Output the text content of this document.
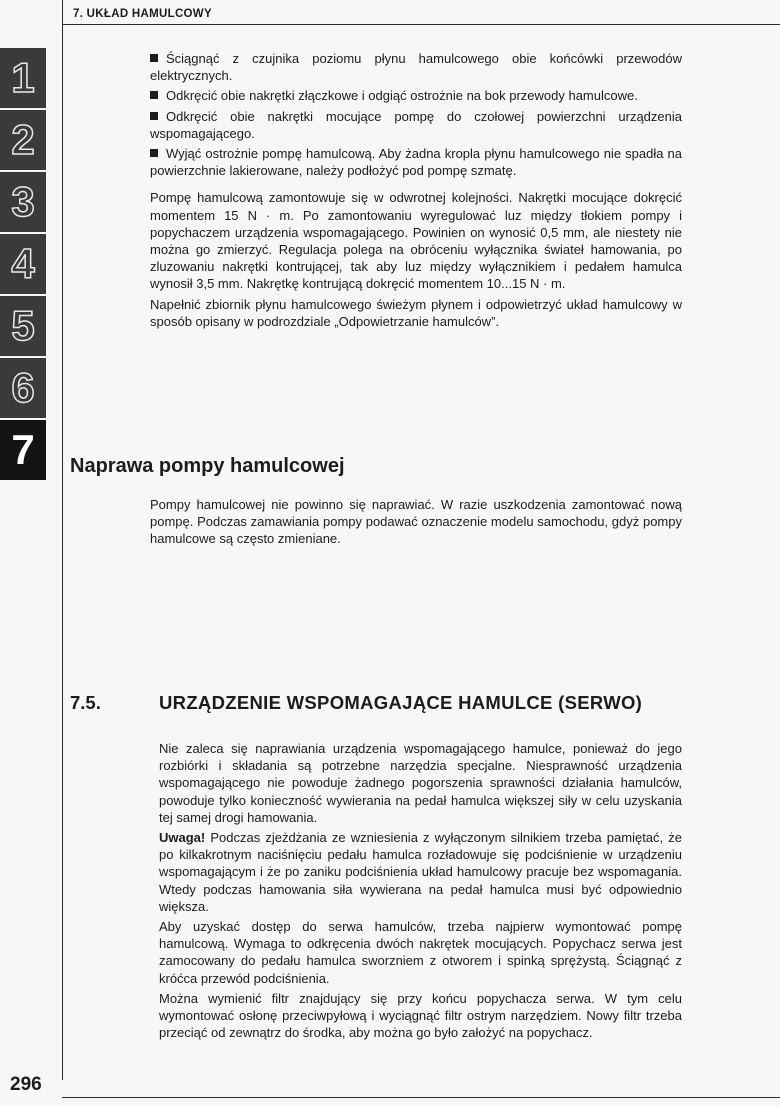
7. UKŁAD HAMULCOWY
1
2
3
4
5
6
7

Ściągnąć z czujnika poziomu płynu hamulcowego obie końcówki przewodów elektrycznych.

Odkręcić obie nakrętki złączkowe i odgiąć ostrożnie na bok przewody hamulcowe.

Odkręcić obie nakrętki mocujące pompę do czołowej powierzchni urządzenia wspomagającego.

Wyjąć ostrożnie pompę hamulcową. Aby żadna kropla płynu hamulcowego nie spadła na powierzchnie lakierowane, należy podłożyć pod pompę szmatę.

Pompę hamulcową zamontowuje się w odwrotnej kolejności. Nakrętki mocujące dokręcić momentem 15 N · m. Po zamontowaniu wyregulować luz między tłokiem pompy i popychaczem urządzenia wspomagającego. Powinien on wynosić 0,5 mm, ale niestety nie można go zmierzyć. Regulacja polega na obróceniu wyłącznika świateł hamowania, po zluzowaniu nakrętki kontrującej, tak aby luz między wyłącznikiem i pedałem hamulca wynosił 3,5 mm. Nakrętkę kontrującą dokręcić momentem 10...15 N · m.

Napełnić zbiornik płynu hamulcowego świeżym płynem i odpowietrzyć układ hamulcowy w sposób opisany w podrozdziale „Odpowietrzanie hamulców”.

Naprawa pompy hamulcowej

Pompy hamulcowej nie powinno się naprawiać. W razie uszkodzenia zamontować nową pompę. Podczas zamawiania pompy podawać oznaczenie modelu samochodu, gdyż pompy hamulcowe są często zmieniane.

7.5.	URZĄDZENIE WSPOMAGAJĄCE HAMULCE (SERWO)

Nie zaleca się naprawiania urządzenia wspomagającego hamulce, ponieważ do jego rozbiórki i składania są potrzebne narzędzia specjalne. Niesprawność urządzenia wspomagającego nie powoduje żadnego pogorszenia sprawności działania hamulców, powoduje tylko konieczność wywierania na pedał hamulca większej siły w celu uzyskania tej samej drogi hamowania.

Uwaga! Podczas zjeżdżania ze wzniesienia z wyłączonym silnikiem trzeba pamiętać, że po kilkakrotnym naciśnięciu pedału hamulca rozładowuje się podciśnienie w urządzeniu wspomagającym i że po zaniku podciśnienia układ hamulcowy pracuje bez wspomagania. Wtedy podczas hamowania siła wywierana na pedał hamulca musi być odpowiednio większa.

Aby uzyskać dostęp do serwa hamulców, trzeba najpierw wymontować pompę hamulcową. Wymaga to odkręcenia dwóch nakrętek mocujących. Popychacz serwa jest zamocowany do pedału hamulca sworzniem z otworem i spinką sprężystą. Ściągnąć z króćca przewód podciśnienia.

Można wymienić filtr znajdujący się przy końcu popychacza serwa. W tym celu wymontować osłonę przeciwpyłową i wyciągnąć filtr ostrym narzędziem. Nowy filtr trzeba przeciąć od zewnątrz do środka, aby można go było założyć na popychacz.

296
